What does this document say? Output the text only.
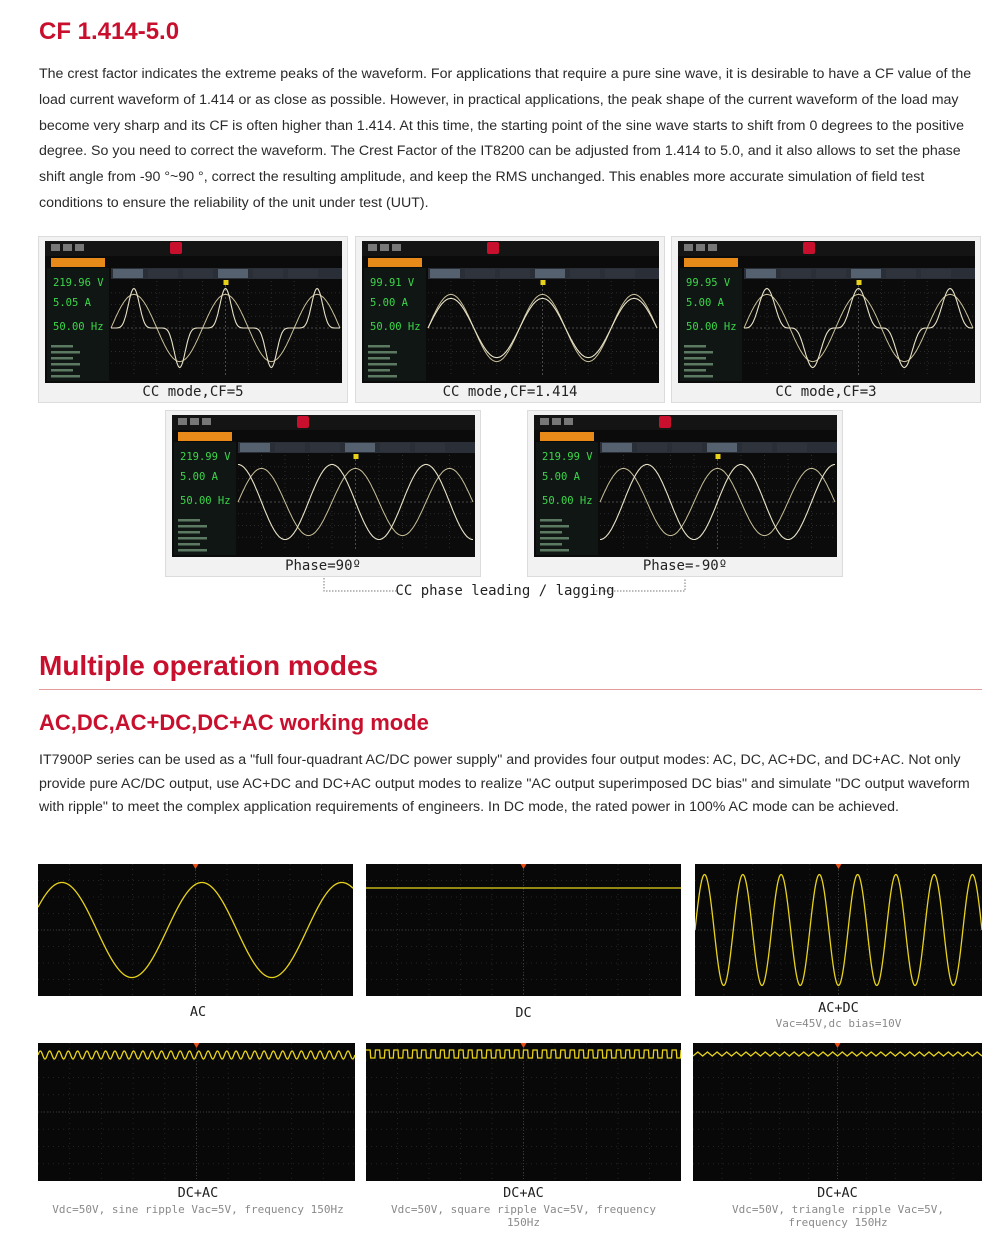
CF 1.414-5.0

The crest factor indicates the extreme peaks of the waveform. For applications that require a pure sine wave, it is desirable to have a CF value of the load current waveform of 1.414 or as close as possible. However, in practical applications, the peak shape of the current waveform of the load may become very sharp and its CF is often higher than 1.414. At this time, the starting point of the sine wave starts to shift from 0 degrees to the positive degree. So you need to correct the waveform. The Crest Factor of the IT8200 can be adjusted from 1.414 to 5.0, and it also allows to set the phase shift angle from -90 °~90 °, correct the resulting amplitude, and keep the RMS unchanged. This enables more accurate simulation of field test conditions to ensure the reliability of the unit under test (UUT).

219.96 V
5.05 A
50.00 Hz
CC mode,CF=5
99.91 V
5.00 A
50.00 Hz
CC mode,CF=1.414
99.95 V
5.00 A
50.00 Hz
CC mode,CF=3
219.99 V
5.00 A
50.00 Hz
Phase=90º
219.99 V
5.00 A
50.00 Hz
Phase=-90º
CC phase leading / lagging
Multiple operation modes
AC,DC,AC+DC,DC+AC working mode

IT7900P series can be used as a "full four-quadrant AC/DC power supply" and provides four output modes: AC, DC, AC+DC, and DC+AC. Not only provide pure AC/DC output, use AC+DC and DC+AC output modes to realize "AC output superimposed DC bias" and simulate "DC output waveform with ripple" to meet the complex application requirements of engineers. In DC mode, the rated power in 100% AC mode can be achieved.

AC	DC	AC+DC
Vac=45V,dc bias=10V
DC+AC
Vdc=50V, sine ripple Vac=5V, frequency 150Hz
DC+AC
Vdc=50V, square ripple Vac=5V, frequency 150Hz
DC+AC
Vdc=50V, triangle ripple Vac=5V, frequency 150Hz
